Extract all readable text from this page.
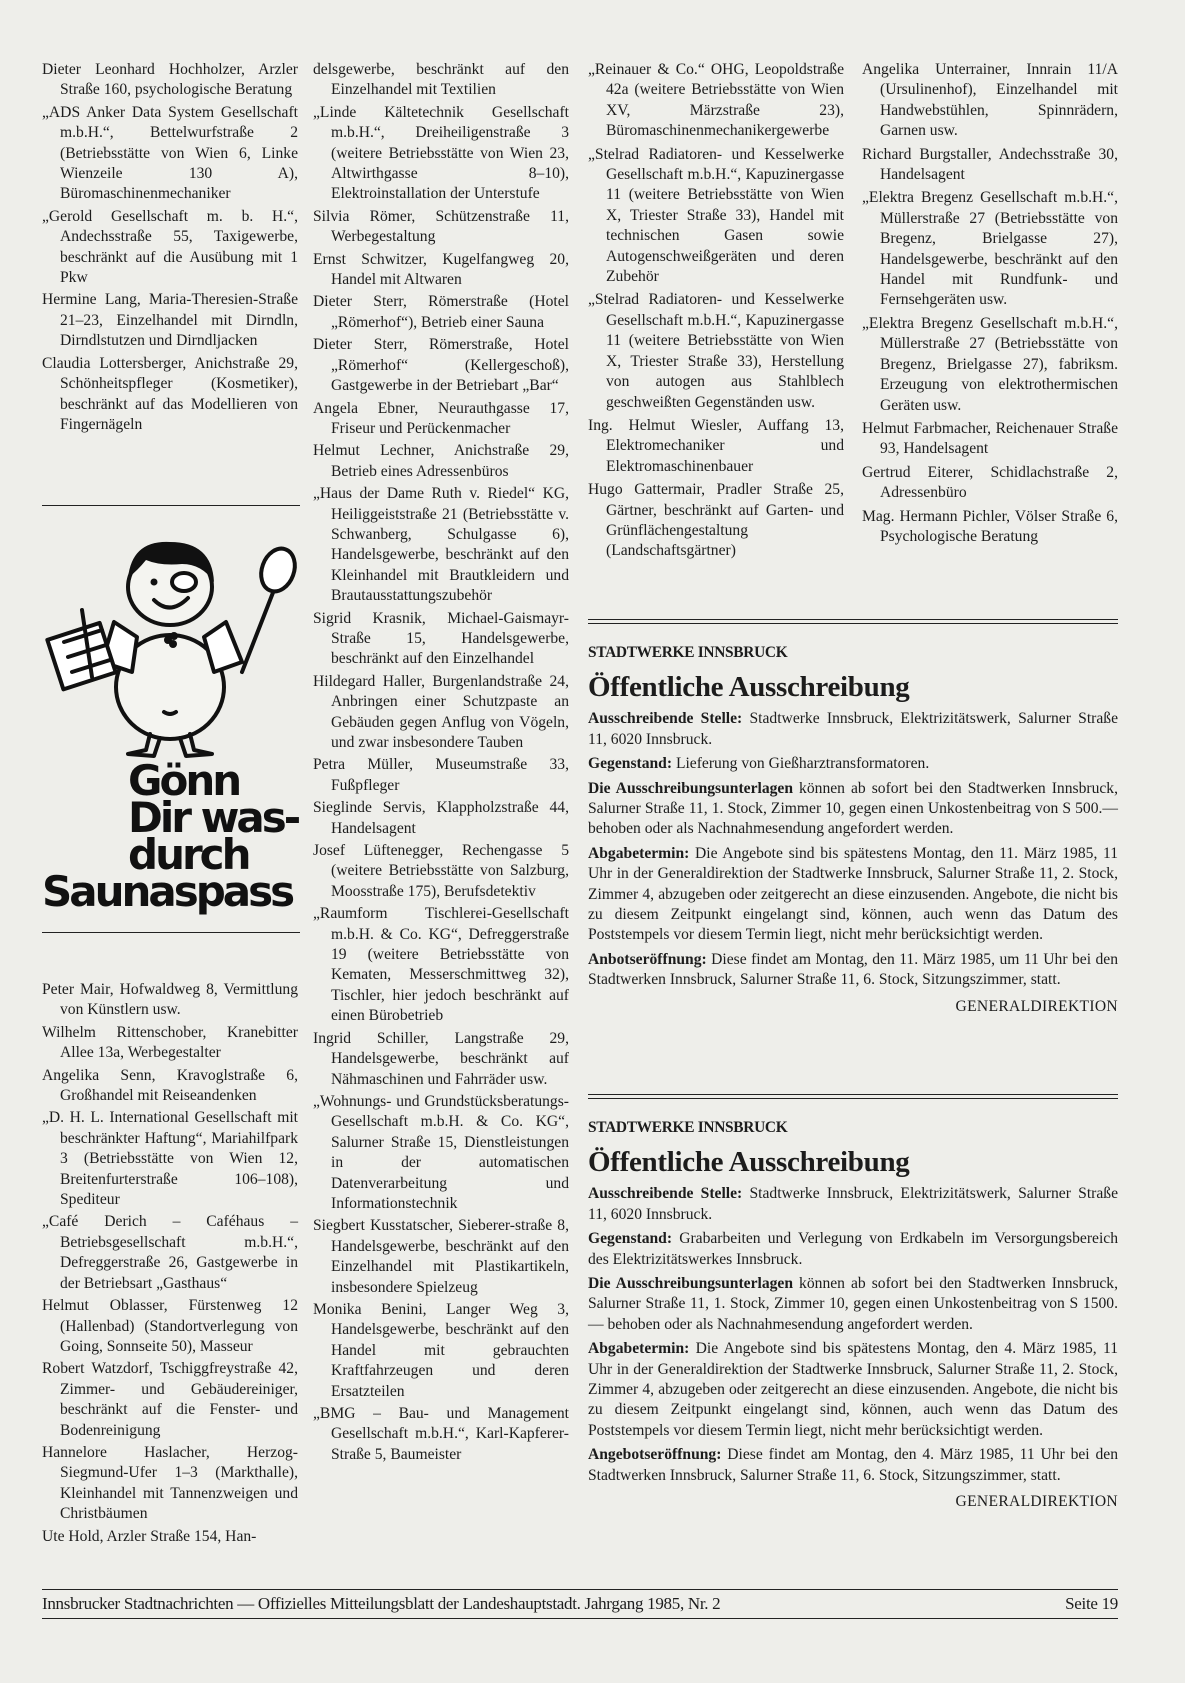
Dieter Leonhard Hochholzer, Arzler Straße 160, psychologische Beratung

„ADS Anker Data System Gesellschaft m.b.H.“, Bettelwurfstraße 2 (Betriebsstätte von Wien 6, Linke Wienzeile 130 A), Büromaschinenmechaniker

„Gerold Gesellschaft m. b. H.“, Andechsstraße 55, Taxigewerbe, beschränkt auf die Ausübung mit 1 Pkw

Hermine Lang, Maria-Theresien-Straße 21–23, Einzelhandel mit Dirndln, Dirndlstutzen und Dirndljacken

Claudia Lottersberger, Anichstraße 29, Schönheitspfleger (Kosmetiker), beschränkt auf das Modellieren von Fingernägeln

Gönn
Dir was-
durch
Saunaspass

Peter Mair, Hofwaldweg 8, Vermittlung von Künstlern usw.

Wilhelm Rittenschober, Kranebitter Allee 13a, Werbegestalter

Angelika Senn, Kravoglstraße 6, Großhandel mit Reiseandenken

„D. H. L. International Gesellschaft mit beschränkter Haftung“, Mariahilfpark 3 (Betriebsstätte von Wien 12, Breitenfurterstraße 106–108), Spediteur

„Café Derich – Caféhaus – Betriebsgesellschaft m.b.H.“, Defreggerstraße 26, Gastgewerbe in der Betriebsart „Gasthaus“

Helmut Oblasser, Fürstenweg 12 (Hallenbad) (Standortverlegung von Going, Sonnseite 50), Masseur

Robert Watzdorf, Tschiggfreystraße 42, Zimmer- und Gebäudereiniger, beschränkt auf die Fenster- und Bodenreinigung

Hannelore Haslacher, Herzog-Siegmund-Ufer 1–3 (Markthalle), Kleinhandel mit Tannenzweigen und Christbäumen

Ute Hold, Arzler Straße 154, Han-

delsgewerbe, beschränkt auf den Einzelhandel mit Textilien

„Linde Kältetechnik Gesellschaft m.b.H.“, Dreiheiligenstraße 3 (weitere Betriebsstätte von Wien 23, Altwirthgasse 8–10), Elektroinstallation der Unterstufe

Silvia Römer, Schützenstraße 11, Werbegestaltung

Ernst Schwitzer, Kugelfangweg 20, Handel mit Altwaren

Dieter Sterr, Römerstraße (Hotel „Römerhof“), Betrieb einer Sauna

Dieter Sterr, Römerstraße, Hotel „Römerhof“ (Kellergeschoß), Gastgewerbe in der Betriebart „Bar“

Angela Ebner, Neurauthgasse 17, Friseur und Perückenmacher

Helmut Lechner, Anichstraße 29, Betrieb eines Adressenbüros

„Haus der Dame Ruth v. Riedel“ KG, Heiliggeiststraße 21 (Betriebsstätte v. Schwanberg, Schulgasse 6), Handelsgewerbe, beschränkt auf den Kleinhandel mit Brautkleidern und Brautausstattungszubehör

Sigrid Krasnik, Michael-Gaismayr-Straße 15, Handelsgewerbe, beschränkt auf den Einzelhandel

Hildegard Haller, Burgenlandstraße 24, Anbringen einer Schutzpaste an Gebäuden gegen Anflug von Vögeln, und zwar insbesondere Tauben

Petra Müller, Museumstraße 33, Fußpfleger

Sieglinde Servis, Klappholzstraße 44, Handelsagent

Josef Lüftenegger, Rechengasse 5 (weitere Betriebsstätte von Salzburg, Moosstraße 175), Berufsdetektiv

„Raumform Tischlerei-Gesellschaft m.b.H. & Co. KG“, Defreggerstraße 19 (weitere Betriebsstätte von Kematen, Messerschmittweg 32), Tischler, hier jedoch beschränkt auf einen Bürobetrieb

Ingrid Schiller, Langstraße 29, Handelsgewerbe, beschränkt auf Nähmaschinen und Fahrräder usw.

„Wohnungs- und Grundstücksberatungs-Gesellschaft m.b.H. & Co. KG“, Salurner Straße 15, Dienstleistungen in der automatischen Datenverarbeitung und Informationstechnik

Siegbert Kusstatscher, Sieberer-straße 8, Handelsgewerbe, beschränkt auf den Einzelhandel mit Plastikartikeln, insbesondere Spielzeug

Monika Benini, Langer Weg 3, Handelsgewerbe, beschränkt auf den Handel mit gebrauchten Kraftfahrzeugen und deren Ersatzteilen

„BMG – Bau- und Management Gesellschaft m.b.H.“, Karl-Kapferer-Straße 5, Baumeister

„Reinauer & Co.“ OHG, Leopoldstraße 42a (weitere Betriebsstätte von Wien XV, Märzstraße 23), Büromaschinenmechanikergewerbe

„Stelrad Radiatoren- und Kesselwerke Gesellschaft m.b.H.“, Kapuzinergasse 11 (weitere Betriebsstätte von Wien X, Triester Straße 33), Handel mit technischen Gasen sowie Autogenschweißgeräten und deren Zubehör

„Stelrad Radiatoren- und Kesselwerke Gesellschaft m.b.H.“, Kapuzinergasse 11 (weitere Betriebsstätte von Wien X, Triester Straße 33), Herstellung von autogen aus Stahlblech geschweißten Gegenständen usw.

Ing. Helmut Wiesler, Auffang 13, Elektromechaniker und Elektromaschinenbauer

Hugo Gattermair, Pradler Straße 25, Gärtner, beschränkt auf Garten- und Grünflächengestaltung (Landschaftsgärtner)

Angelika Unterrainer, Innrain 11/A (Ursulinenhof), Einzelhandel mit Handwebstühlen, Spinnrädern, Garnen usw.

Richard Burgstaller, Andechsstraße 30, Handelsagent

„Elektra Bregenz Gesellschaft m.b.H.“, Müllerstraße 27 (Betriebsstätte von Bregenz, Brielgasse 27), Handelsgewerbe, beschränkt auf den Handel mit Rundfunk- und Fernsehgeräten usw.

„Elektra Bregenz Gesellschaft m.b.H.“, Müllerstraße 27 (Betriebsstätte von Bregenz, Brielgasse 27), fabriksm. Erzeugung von elektrothermischen Geräten usw.

Helmut Farbmacher, Reichenauer Straße 93, Handelsagent

Gertrud Eiterer, Schidlachstraße 2, Adressenbüro

Mag. Hermann Pichler, Völser Straße 6, Psychologische Beratung

STADTWERKE INNSBRUCK
Öffentliche Ausschreibung

Ausschreibende Stelle: Stadtwerke Innsbruck, Elektrizitätswerk, Salurner Straße 11, 6020 Innsbruck.

Gegenstand: Lieferung von Gießharztransformatoren.

Die Ausschreibungsunterlagen können ab sofort bei den Stadtwerken Innsbruck, Salurner Straße 11, 1. Stock, Zimmer 10, gegen einen Unkostenbeitrag von S 500.— behoben oder als Nachnahmesendung angefordert werden.

Abgabetermin: Die Angebote sind bis spätestens Montag, den 11. März 1985, 11 Uhr in der Generaldirektion der Stadtwerke Innsbruck, Salurner Straße 11, 2. Stock, Zimmer 4, abzugeben oder zeitgerecht an diese einzusenden. Angebote, die nicht bis zu diesem Zeitpunkt eingelangt sind, können, auch wenn das Datum des Poststempels vor diesem Termin liegt, nicht mehr berücksichtigt werden.

Anbotseröffnung: Diese findet am Montag, den 11. März 1985, um 11 Uhr bei den Stadtwerken Innsbruck, Salurner Straße 11, 6. Stock, Sitzungszimmer, statt.

GENERALDIREKTION
STADTWERKE INNSBRUCK
Öffentliche Ausschreibung

Ausschreibende Stelle: Stadtwerke Innsbruck, Elektrizitätswerk, Salurner Straße 11, 6020 Innsbruck.

Gegenstand: Grabarbeiten und Verlegung von Erdkabeln im Versorgungsbereich des Elektrizitätswerkes Innsbruck.

Die Ausschreibungsunterlagen können ab sofort bei den Stadtwerken Innsbruck, Salurner Straße 11, 1. Stock, Zimmer 10, gegen einen Unkostenbeitrag von S 1500.— behoben oder als Nachnahmesendung angefordert werden.

Abgabetermin: Die Angebote sind bis spätestens Montag, den 4. März 1985, 11 Uhr in der Generaldirektion der Stadtwerke Innsbruck, Salurner Straße 11, 2. Stock, Zimmer 4, abzugeben oder zeitgerecht an diese einzusenden. Angebote, die nicht bis zu diesem Zeitpunkt eingelangt sind, können, auch wenn das Datum des Poststempels vor diesem Termin liegt, nicht mehr berücksichtigt werden.

Angebotseröffnung: Diese findet am Montag, den 4. März 1985, 11 Uhr bei den Stadtwerken Innsbruck, Salurner Straße 11, 6. Stock, Sitzungszimmer, statt.

GENERALDIREKTION
Innsbrucker Stadtnachrichten — Offizielles Mitteilungsblatt der Landeshauptstadt. Jahrgang 1985, Nr. 2	Seite 19
